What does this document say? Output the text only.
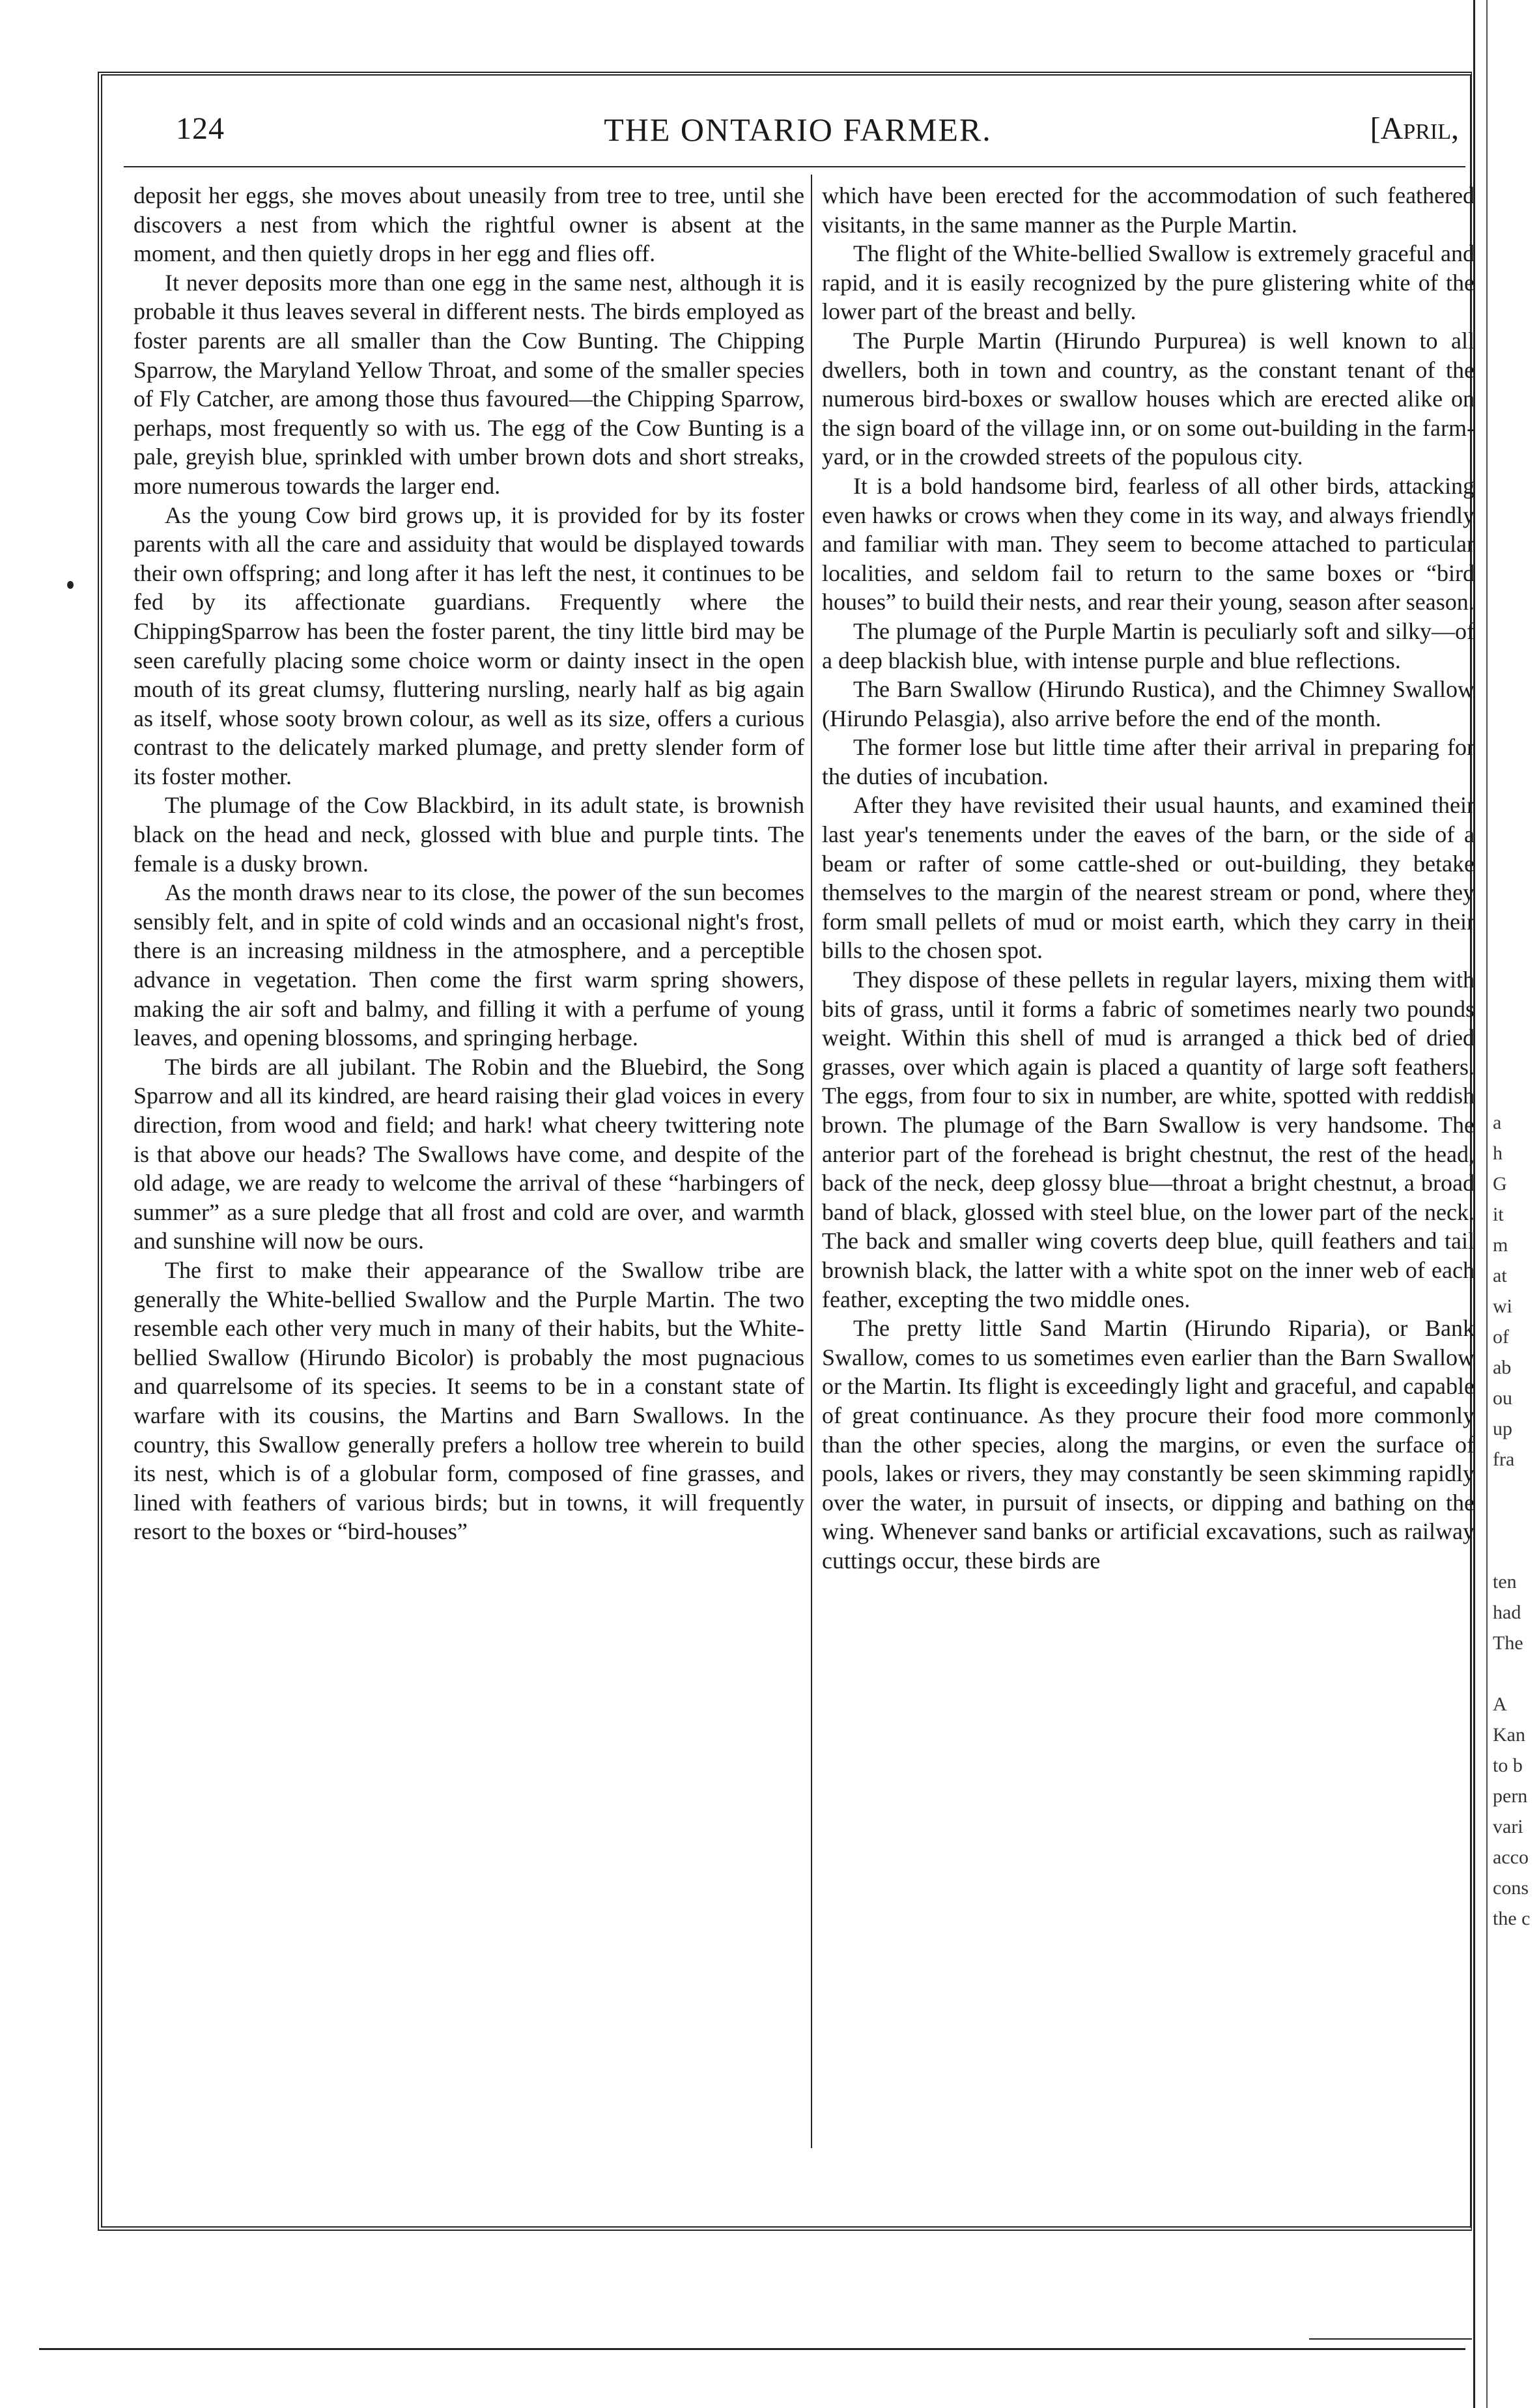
124	THE ONTARIO FARMER.	[April,

deposit her eggs, she moves about uneasily from tree to tree, until she discovers a nest from which the rightful owner is absent at the moment, and then quietly drops in her egg and flies off.

It never deposits more than one egg in the same nest, although it is probable it thus leaves several in different nests. The birds employed as foster parents are all smaller than the Cow Bunting. The Chipping Sparrow, the Maryland Yellow Throat, and some of the smaller species of Fly Catcher, are among those thus favoured—the Chipping Sparrow, perhaps, most frequently so with us. The egg of the Cow Bunting is a pale, greyish blue, sprinkled with umber brown dots and short streaks, more numerous towards the larger end.

As the young Cow bird grows up, it is provided for by its foster parents with all the care and assiduity that would be displayed towards their own offspring; and long after it has left the nest, it continues to be fed by its affectionate guardians. Frequently where the ChippingSparrow has been the foster parent, the tiny little bird may be seen carefully placing some choice worm or dainty insect in the open mouth of its great clumsy, fluttering nursling, nearly half as big again as itself, whose sooty brown colour, as well as its size, offers a curious contrast to the delicately marked plumage, and pretty slender form of its foster mother.

The plumage of the Cow Blackbird, in its adult state, is brownish black on the head and neck, glossed with blue and purple tints. The female is a dusky brown.

As the month draws near to its close, the power of the sun becomes sensibly felt, and in spite of cold winds and an occasional night's frost, there is an increasing mildness in the atmosphere, and a perceptible advance in vegetation. Then come the first warm spring showers, making the air soft and balmy, and filling it with a perfume of young leaves, and opening blossoms, and springing herbage.

The birds are all jubilant. The Robin and the Bluebird, the Song Sparrow and all its kindred, are heard raising their glad voices in every direction, from wood and field; and hark! what cheery twittering note is that above our heads? The Swallows have come, and despite of the old adage, we are ready to welcome the arrival of these “harbingers of summer” as a sure pledge that all frost and cold are over, and warmth and sunshine will now be ours.

The first to make their appearance of the Swallow tribe are generally the White-bellied Swallow and the Purple Martin. The two resemble each other very much in many of their habits, but the White-bellied Swallow (Hirundo Bicolor) is probably the most pugnacious and quarrelsome of its species. It seems to be in a constant state of warfare with its cousins, the Martins and Barn Swallows. In the country, this Swallow generally prefers a hollow tree wherein to build its nest, which is of a globular form, composed of fine grasses, and lined with feathers of various birds; but in towns, it will frequently resort to the boxes or “bird-houses”

which have been erected for the accommodation of such feathered visitants, in the same manner as the Purple Martin.

The flight of the White-bellied Swallow is extremely graceful and rapid, and it is easily recognized by the pure glistering white of the lower part of the breast and belly.

The Purple Martin (Hirundo Purpurea) is well known to all dwellers, both in town and country, as the constant tenant of the numerous bird-boxes or swallow houses which are erected alike on the sign board of the village inn, or on some out-building in the farm-yard, or in the crowded streets of the populous city.

It is a bold handsome bird, fearless of all other birds, attacking even hawks or crows when they come in its way, and always friendly and familiar with man. They seem to become attached to particular localities, and seldom fail to return to the same boxes or “bird houses” to build their nests, and rear their young, season after season.

The plumage of the Purple Martin is peculiarly soft and silky—of a deep blackish blue, with intense purple and blue reflections.

The Barn Swallow (Hirundo Rustica), and the Chimney Swallow (Hirundo Pelasgia), also arrive before the end of the month.

The former lose but little time after their arrival in preparing for the duties of incubation.

After they have revisited their usual haunts, and examined their last year's tenements under the eaves of the barn, or the side of a beam or rafter of some cattle-shed or out-building, they betake themselves to the margin of the nearest stream or pond, where they form small pellets of mud or moist earth, which they carry in their bills to the chosen spot.

They dispose of these pellets in regular layers, mixing them with bits of grass, until it forms a fabric of sometimes nearly two pounds weight. Within this shell of mud is arranged a thick bed of dried grasses, over which again is placed a quantity of large soft feathers. The eggs, from four to six in number, are white, spotted with reddish brown. The plumage of the Barn Swallow is very handsome. The anterior part of the forehead is bright chestnut, the rest of the head, back of the neck, deep glossy blue—throat a bright chestnut, a broad band of black, glossed with steel blue, on the lower part of the neck. The back and smaller wing coverts deep blue, quill feathers and tail brownish black, the latter with a white spot on the inner web of each feather, excepting the two middle ones.

The pretty little Sand Martin (Hirundo Riparia), or Bank Swallow, comes to us sometimes even earlier than the Barn Swallow or the Martin. Its flight is exceedingly light and graceful, and capable of great continuance. As they procure their food more commonly than the other species, along the margins, or even the surface of pools, lakes or rivers, they may constantly be seen skimming rapidly over the water, in pursuit of insects, or dipping and bathing on the wing. Whenever sand banks or artificial excavations, such as railway cuttings occur, these birds are

a
h
G
it
m
at
wi
of
ab
ou
up
fra

ten
had
The

A
Kan
to b
pern
vari
acco
cons
the c
